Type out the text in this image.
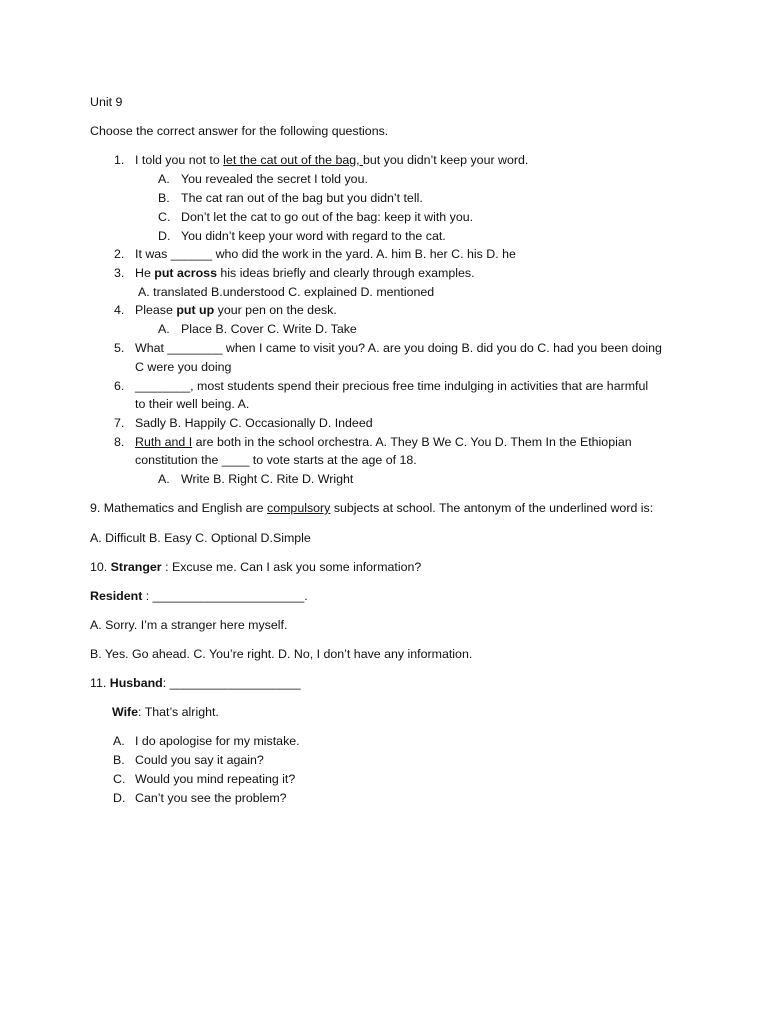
Unit 9
Choose the correct answer for the following questions.
1. I told you not to let the cat out of the bag, but you didn’t keep your word.
A. You revealed the secret I told you.
B. The cat ran out of the bag but you didn’t tell.
C. Don’t let the cat to go out of the bag: keep it with you.
D. You didn’t keep your word with regard to the cat.
2. It was ______ who did the work in the yard. A. him B. her C. his D. he
3. He put across his ideas briefly and clearly through examples.
A. translated B.understood C. explained D. mentioned
4. Please put up your pen on the desk.
A. Place B. Cover C. Write D. Take
5. What ________ when I came to visit you? A. are you doing B. did you do C. had you been doing
C were you doing
6. ________, most students spend their precious free time indulging in activities that are harmful
to their well being. A.
7. Sadly B. Happily C. Occasionally D. Indeed
8. Ruth and I are both in the school orchestra. A. They B We C. You D. Them In the Ethiopian
constitution the ____ to vote starts at the age of 18.
A. Write B. Right C. Rite D. Wright
9. Mathematics and English are compulsory subjects at school. The antonym of the underlined word is:
A. Difficult B. Easy C. Optional D.Simple
10. Stranger : Excuse me. Can I ask you some information?
Resident : ______________________.
A. Sorry. I’m a stranger here myself.
B. Yes. Go ahead. C. You’re right. D. No, I don’t have any information.
11. Husband: ___________________
Wife: That’s alright.
A. I do apologise for my mistake.
B. Could you say it again?
C. Would you mind repeating it?
D. Can’t you see the problem?
